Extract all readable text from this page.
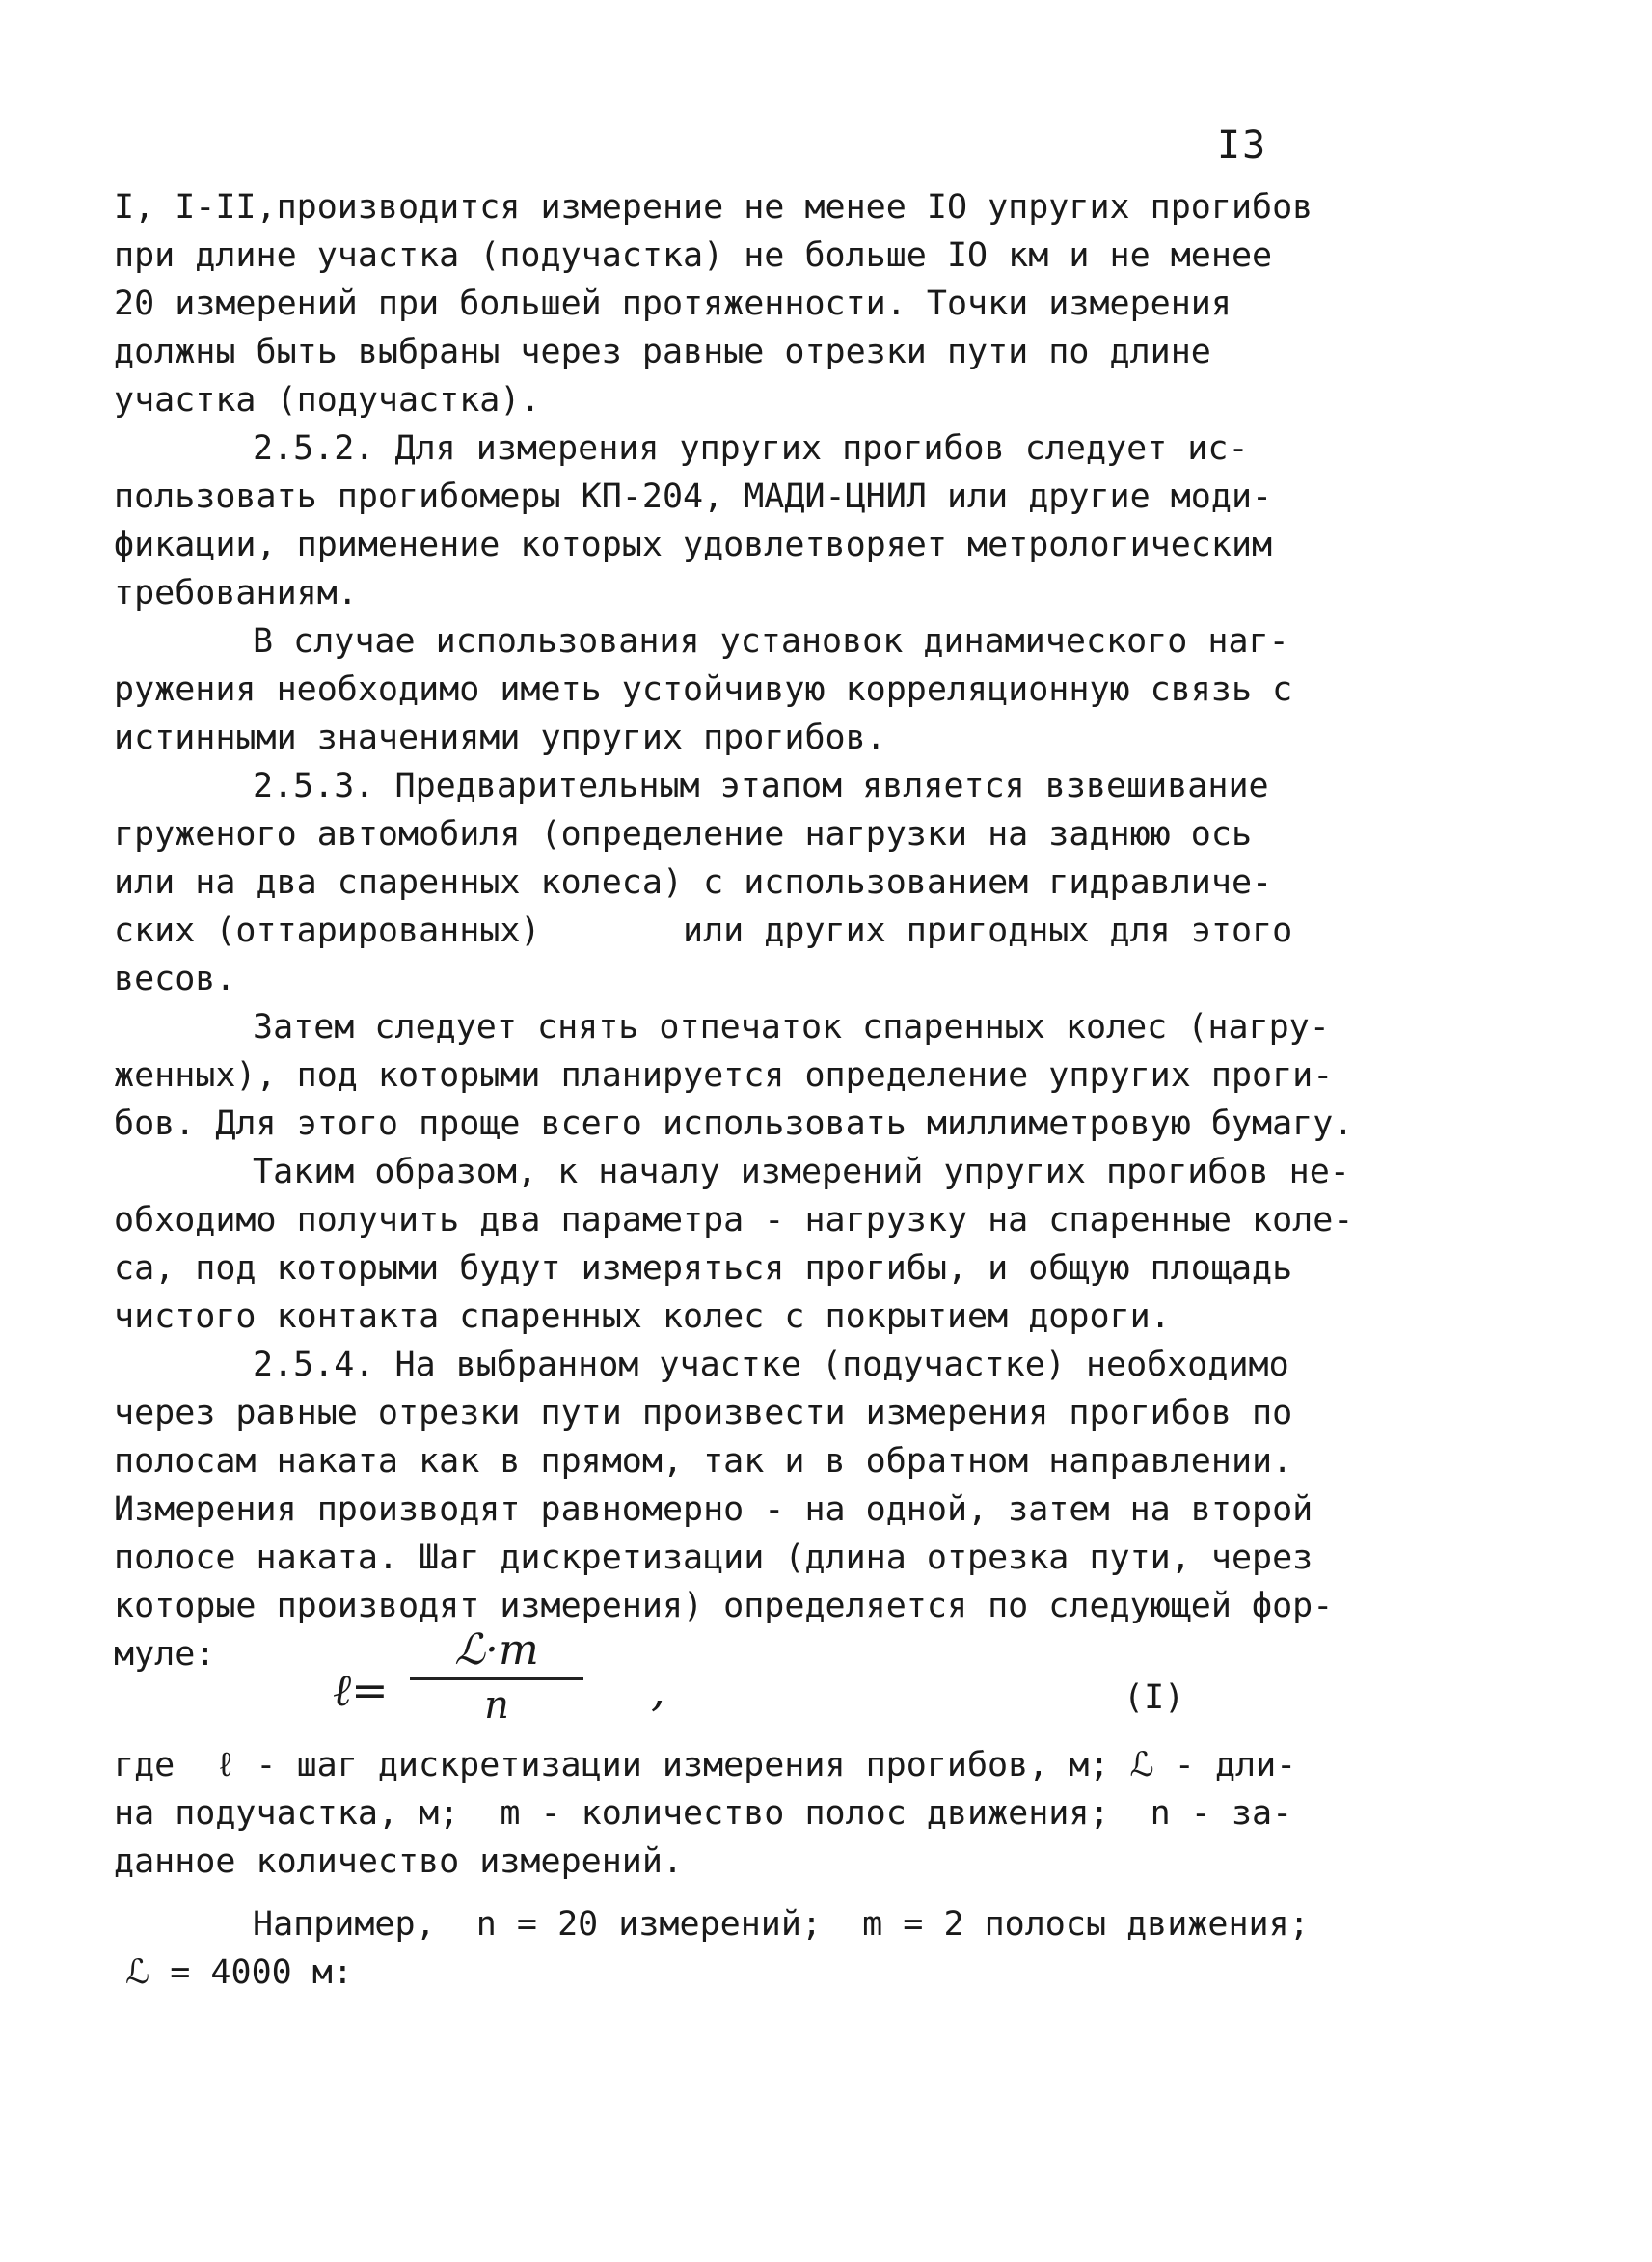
I3
I, I-II,производится измерение не менее IO упругих прогибов
при длине участка (подучастка) не больше IO км и не менее
20 измерений при большей протяженности. Точки измерения
должны быть выбраны через равные отрезки пути по длине
участка (подучастка).
2.5.2. Для измерения упругих прогибов следует ис-
пользовать прогибомеры КП-204, МАДИ-ЦНИЛ или другие моди-
фикации, применение которых удовлетворяет метрологическим
требованиям.
В случае использования установок динамического наг-
ружения необходимо иметь устойчивую корреляционную связь с
истинными значениями упругих прогибов.
2.5.3. Предварительным этапом является взвешивание
груженого автомобиля (определение нагрузки на заднюю ось
или на два спаренных колеса) с использованием гидравличе-
ских (оттарированных)       или других пригодных для этого
весов.
Затем следует снять отпечаток спаренных колес (нагру-
женных), под которыми планируется определение упругих проги-
бов. Для этого проще всего использовать миллиметровую бумагу.
Таким образом, к началу измерений упругих прогибов не-
обходимо получить два параметра - нагрузку на спаренные коле-
са, под которыми будут измеряться прогибы, и общую площадь
чистого контакта спаренных колес с покрытием дороги.
2.5.4. На выбранном участке (подучастке) необходимо
через равные отрезки пути произвести измерения прогибов по
полосам наката как в прямом, так и в обратном направлении.
Измерения производят равномерно - на одной, затем на второй
полосе наката. Шаг дискретизации (длина отрезка пути, через
которые производят измерения) определяется по следующей фор-
муле:
где  ℓ - шаг дискретизации измерения прогибов, м; ℒ - дли-
на подучастка, м;  m - количество полос движения;  n - за-
данное количество измерений.
Например,  n = 20 измерений;  m = 2 полосы движения;
ℒ = 4000 м:
ℓ=
ℒ·m
n	,	(I)
